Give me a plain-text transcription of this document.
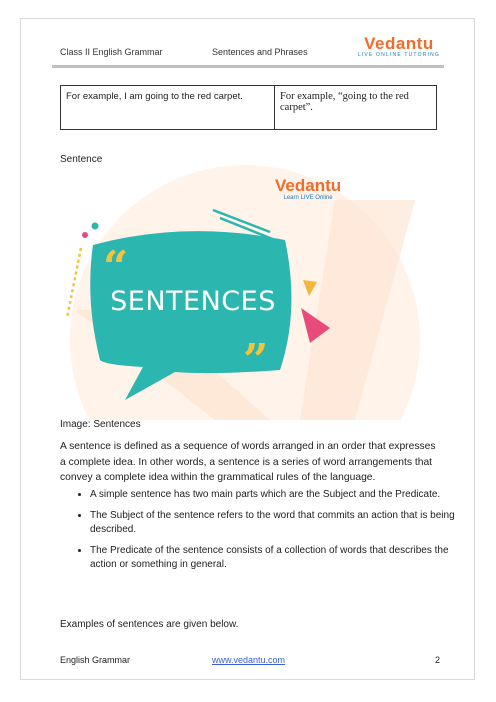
Class II English Grammar	Sentences and Phrases	Vedantu
LIVE ONLINE TUTORING
For example, I am going to the red carpet.	For example, “going to the red carpet”.
Sentence
“
”
Vedantu
Learn LIVE Online
SENTENCES
Image: Sentences

A sentence is defined as a sequence of words arranged in an order that expresses a complete idea. In other words, a sentence is a series of word arrangements that convey a complete idea within the grammatical rules of the language.

• A simple sentence has two main parts which are the Subject and the Predicate.
• The Subject of the sentence refers to the word that commits an action that is being described.
• The Predicate of the sentence consists of a collection of words that describes the action or something in general.
Examples of sentences are given below.
English Grammar	www.vedantu.com	2
